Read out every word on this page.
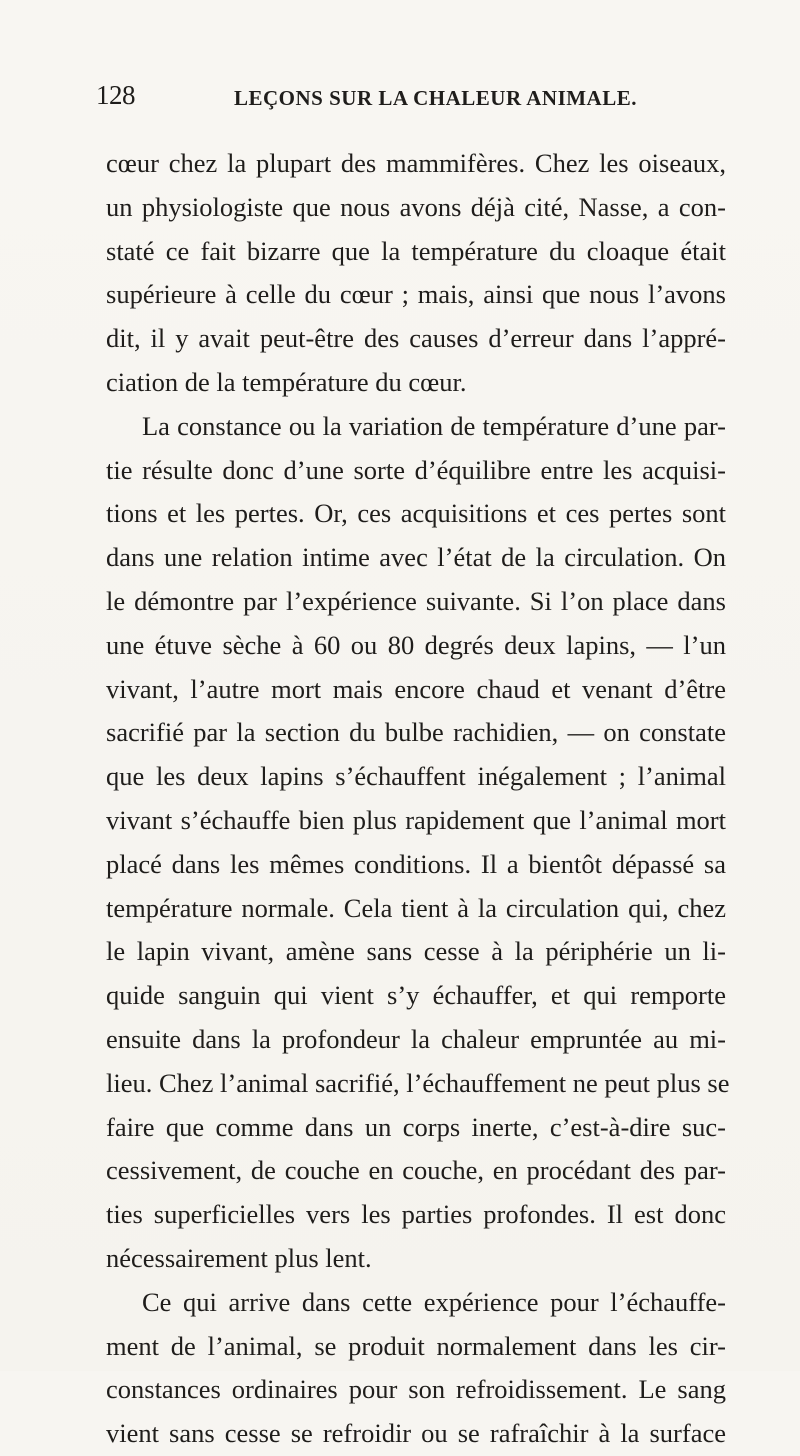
128	LEÇONS SUR LA CHALEUR ANIMALE.
cœur chez la plupart des mammifères. Chez les oiseaux,
un physiologiste que nous avons déjà cité, Nasse, a con-
staté ce fait bizarre que la température du cloaque était
supérieure à celle du cœur ; mais, ainsi que nous l’avons
dit, il y avait peut-être des causes d’erreur dans l’appré-
ciation de la température du cœur.
La constance ou la variation de température d’une par-
tie résulte donc d’une sorte d’équilibre entre les acquisi-
tions et les pertes. Or, ces acquisitions et ces pertes sont
dans une relation intime avec l’état de la circulation. On
le démontre par l’expérience suivante. Si l’on place dans
une étuve sèche à 60 ou 80 degrés deux lapins, — l’un
vivant, l’autre mort mais encore chaud et venant d’être
sacrifié par la section du bulbe rachidien, — on constate
que les deux lapins s’échauffent inégalement ; l’animal
vivant s’échauffe bien plus rapidement que l’animal mort
placé dans les mêmes conditions. Il a bientôt dépassé sa
température normale. Cela tient à la circulation qui, chez
le lapin vivant, amène sans cesse à la périphérie un li-
quide sanguin qui vient s’y échauffer, et qui remporte
ensuite dans la profondeur la chaleur empruntée au mi-
lieu. Chez l’animal sacrifié, l’échauffement ne peut plus se
faire que comme dans un corps inerte, c’est-à-dire suc-
cessivement, de couche en couche, en procédant des par-
ties superficielles vers les parties profondes. Il est donc
nécessairement plus lent.
Ce qui arrive dans cette expérience pour l’échauffe-
ment de l’animal, se produit normalement dans les cir-
constances ordinaires pour son refroidissement. Le sang
vient sans cesse se refroidir ou se rafraîchir à la surface
